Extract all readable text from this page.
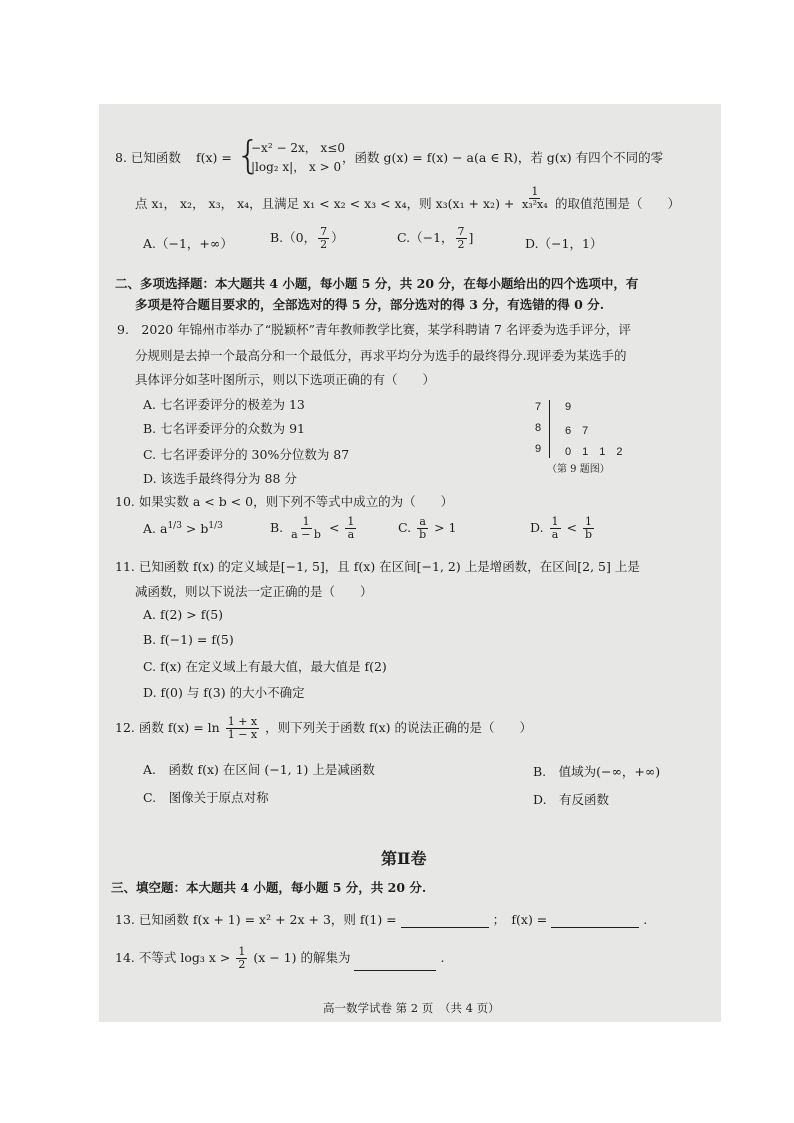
8. 已知函数 f(x) = {
−x² − 2x， x≤0
|log₂ x|， x > 0
，函数 g(x) = f(x) − a(a ∈ R)，若 g(x) 有四个不同的零
点 x₁， x₂， x₃， x₄，且满足 x₁ < x₂ < x₃ < x₄，则 $x_3(x_1 + x_2) + \frac{1}{\text{x₃²x₄}}$ 的取值范围是（　　）
A.（−1，+∞）	B.（0， $\frac{7}{2}$ ）	C.（−1， $\frac{7}{2}$ ]	D.（−1，1）
二、多项选择题：本大题共 4 小题，每小题 5 分，共 20 分，在每小题给出的四个选项中，有
多项是符合题目要求的，全部选对的得 5 分，部分选对的得 3 分，有选错的得 0 分.
9.　2020 年锦州市举办了“脱颖杯”青年教师教学比赛，某学科聘请 7 名评委为选手评分，评
分规则是去掉一个最高分和一个最低分，再求平均分为选手的最终得分.现评委为某选手的
具体评分如茎叶图所示，则以下选项正确的有（　　）
A. 七名评委评分的极差为 13
B. 七名评委评分的众数为 91
C. 七名评委评分的 30%分位数为 87
D. 该选手最终得分为 88 分
7 9
8 6　7
9 0　1　1　2
（第 9 题图）
10. 如果实数 a < b < 0，则下列不等式中成立的为（　　）
A. $a^{1/3} > b^{1/3}$	B. $\frac{1}{a - b} < \frac{1}{a}$	C. $\frac{a}{b} > 1$	D. $\frac{1}{a} < \frac{1}{b}$
11. 已知函数 f(x) 的定义域是[−1, 5]，且 f(x) 在区间[−1, 2) 上是增函数，在区间[2, 5] 上是
减函数，则以下说法一定正确的是（　　）
A. f(2) > f(5)
B. f(−1) = f(5)
C. f(x) 在定义域上有最大值，最大值是 f(2)
D. f(0) 与 f(3) 的大小不确定
12. 函数 $f(x) = \ln \frac{1 + x}{1 - x}$ ，则下列关于函数 f(x) 的说法正确的是（　　）
A.　函数 f(x) 在区间 (−1, 1) 上是减函数	B.　值域为(−∞，+∞)
C.　图像关于原点对称	D.　有反函数
第Ⅱ卷
三、填空题：本大题共 4 小题，每小题 5 分，共 20 分.
13. 已知函数 f(x + 1) = x² + 2x + 3，则 f(1) =	；　f(x) =	.
14. 不等式 log₃ $x > \frac{1}{2} (x - 1)$ 的解集为	.
高一数学试卷 第 2 页　（共 4 页）
